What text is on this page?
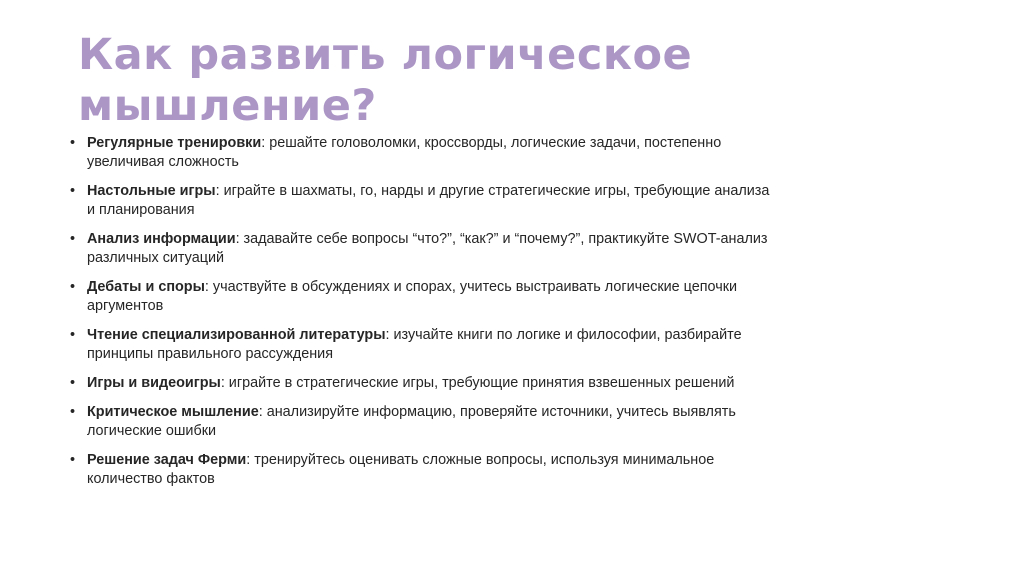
Как развить логическое мышление?
• Регулярные тренировки: решайте головоломки, кроссворды, логические задачи, постепенно увеличивая сложность
• Настольные игры: играйте в шахматы, го, нарды и другие стратегические игры, требующие анализа и планирования
• Анализ информации: задавайте себе вопросы “что?”, “как?” и “почему?”, практикуйте SWOT-анализ различных ситуаций
• Дебаты и споры: участвуйте в обсуждениях и спорах, учитесь выстраивать логические цепочки аргументов
• Чтение специализированной литературы: изучайте книги по логике и философии, разбирайте принципы правильного рассуждения
• Игры и видеоигры: играйте в стратегические игры, требующие принятия взвешенных решений
• Критическое мышление: анализируйте информацию, проверяйте источники, учитесь выявлять логические ошибки
• Решение задач Ферми: тренируйтесь оценивать сложные вопросы, используя минимальное количество фактов
